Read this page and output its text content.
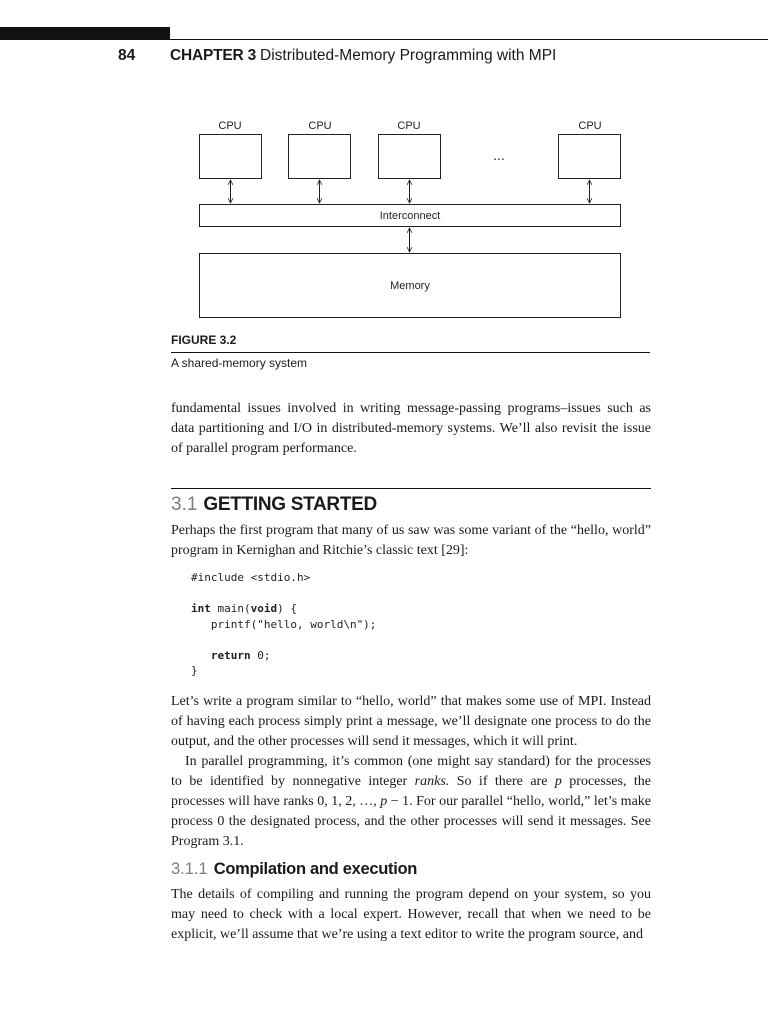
84 CHAPTER 3 Distributed-Memory Programming with MPI
CPU	CPU	CPU	CPU
...
Interconnect
Memory
FIGURE 3.2
A shared-memory system

fundamental issues involved in writing message-passing programs–issues such as data partitioning and I/O in distributed-memory systems. We’ll also revisit the issue of parallel program performance.

3.1 GETTING STARTED

Perhaps the first program that many of us saw was some variant of the “hello, world” program in Kernighan and Ritchie’s classic text [29]:

#include <stdio.h>

int main(void) {
printf("hello, world\n");

return 0;
}

Let’s write a program similar to “hello, world” that makes some use of MPI. Instead of having each process simply print a message, we’ll designate one process to do the output, and the other processes will send it messages, which it will print.

In parallel programming, it’s common (one might say standard) for the processes to be identified by nonnegative integer ranks. So if there are p processes, the processes will have ranks 0, 1, 2, …, p − 1. For our parallel “hello, world,” let’s make process 0 the designated process, and the other processes will send it messages. See Program 3.1.

3.1.1 Compilation and execution

The details of compiling and running the program depend on your system, so you may need to check with a local expert. However, recall that when we need to be explicit, we’ll assume that we’re using a text editor to write the program source, and
